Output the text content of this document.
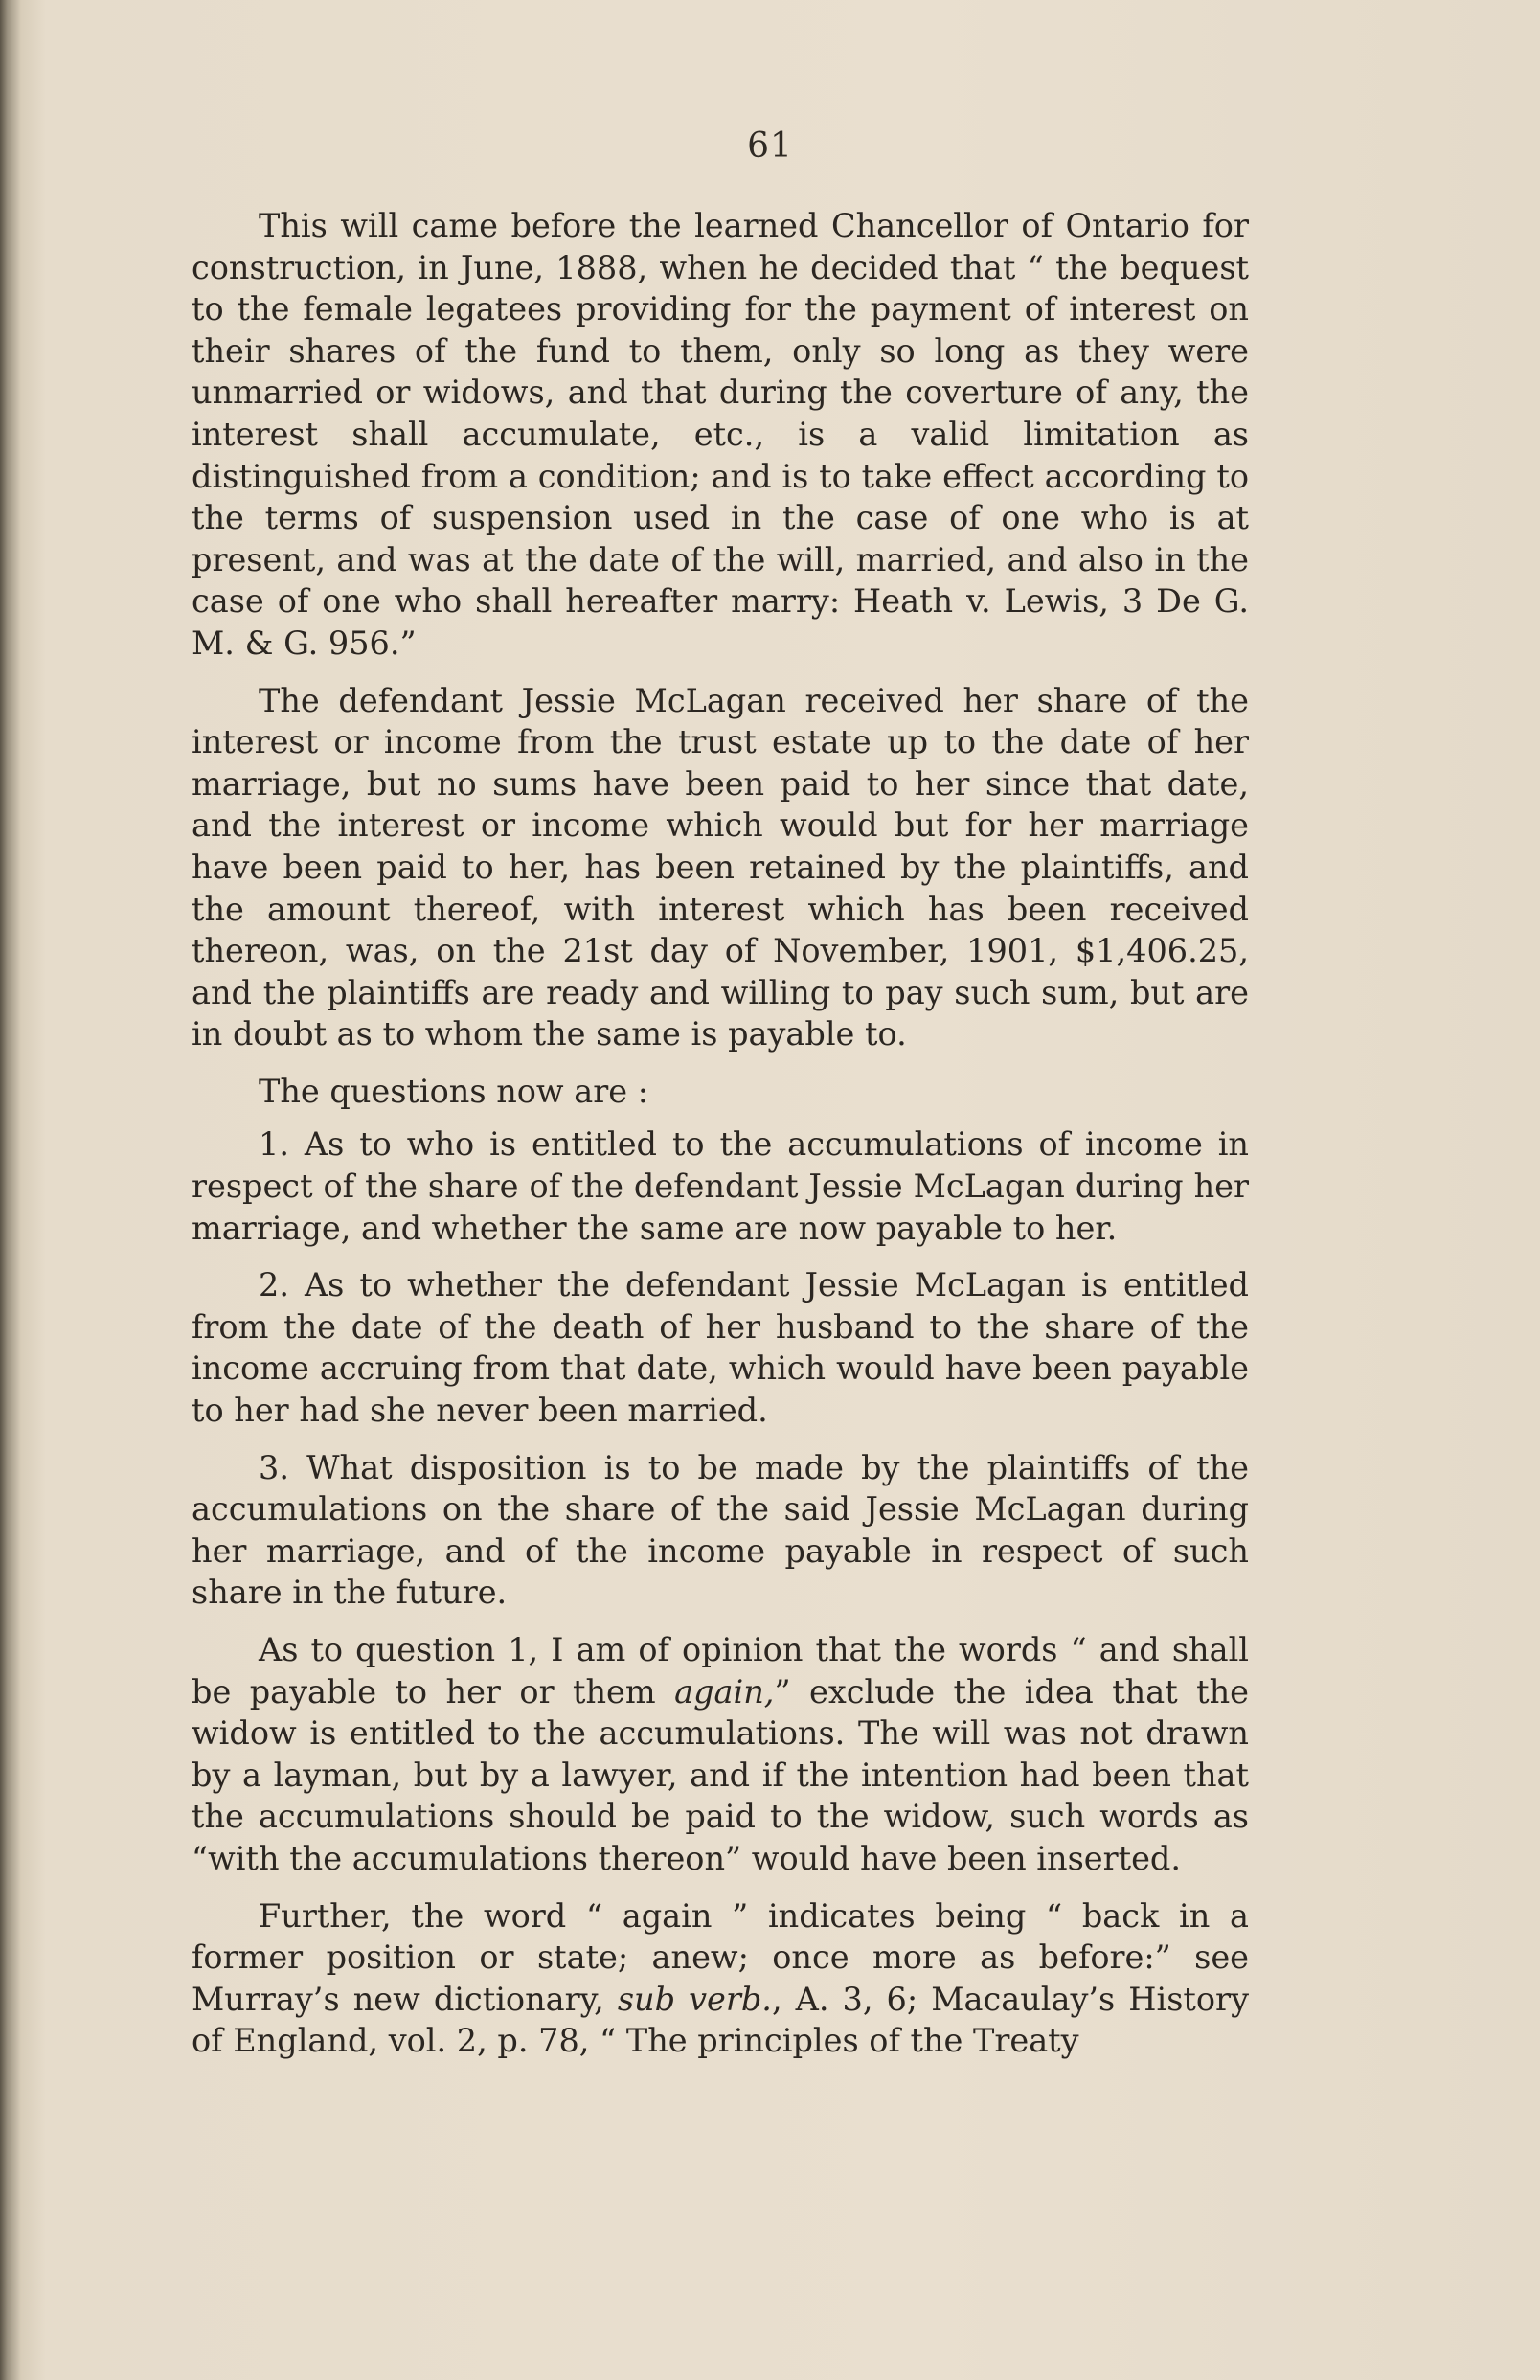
61

This will came before the learned Chancellor of Ontario for construction, in June, 1888, when he decided that “ the bequest to the female legatees providing for the payment of interest on their shares of the fund to them, only so long as they were unmarried or widows, and that during the coverture of any, the interest shall accumulate, etc., is a valid limitation as distinguished from a condition; and is to take effect according to the terms of suspension used in the case of one who is at present, and was at the date of the will, married, and also in the case of one who shall hereafter marry: Heath v. Lewis, 3 De G. M. & G. 956.”

The defendant Jessie McLagan received her share of the interest or income from the trust estate up to the date of her marriage, but no sums have been paid to her since that date, and the interest or income which would but for her marriage have been paid to her, has been retained by the plaintiffs, and the amount thereof, with interest which has been received thereon, was, on the 21st day of November, 1901, $1,406.25, and the plaintiffs are ready and willing to pay such sum, but are in doubt as to whom the same is payable to.

The questions now are :

1. As to who is entitled to the accumulations of income in respect of the share of the defendant Jessie McLagan during her marriage, and whether the same are now payable to her.

2. As to whether the defendant Jessie McLagan is entitled from the date of the death of her husband to the share of the income accruing from that date, which would have been payable to her had she never been married.

3. What disposition is to be made by the plaintiffs of the accumulations on the share of the said Jessie McLagan during her marriage, and of the income payable in respect of such share in the future.

As to question 1, I am of opinion that the words “ and shall be payable to her or them again,” exclude the idea that the widow is entitled to the accumulations. The will was not drawn by a layman, but by a lawyer, and if the intention had been that the accumulations should be paid to the widow, such words as “with the accumulations thereon” would have been inserted.

Further, the word “ again ” indicates being “ back in a former position or state; anew; once more as before:” see Murray’s new dictionary, sub verb., A. 3, 6; Macaulay’s History of England, vol. 2, p. 78, “ The principles of the Treaty
